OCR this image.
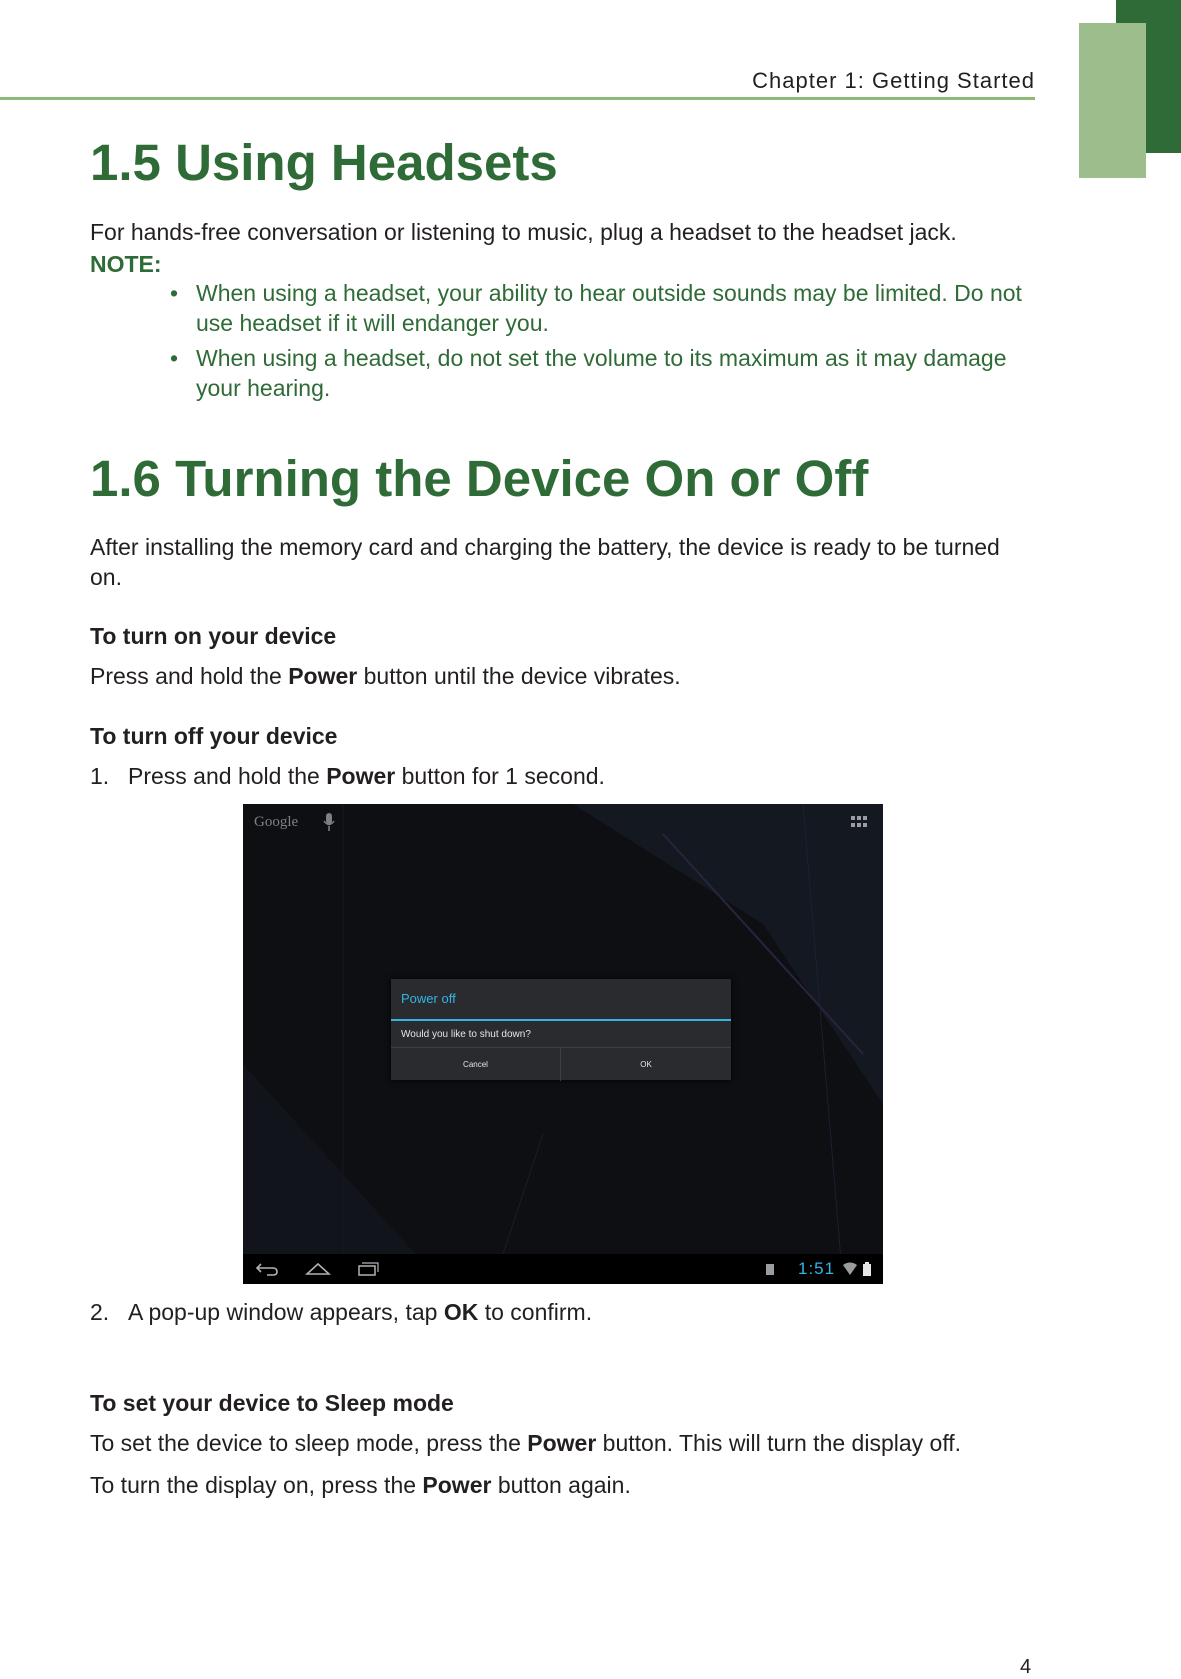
Chapter 1: Getting Started
1.5 Using Headsets

For hands-free conversation or listening to music, plug a headset to the headset jack.

NOTE:
• When using a headset, your ability to hear outside sounds may be limited. Do not use headset if it will endanger you.
• When using a headset, do not set the volume to its maximum as it may damage your hearing.
1.6 Turning the Device On or Off

After installing the memory card and charging the battery, the device is ready to be turned on.

To turn on your device

Press and hold the Power button until the device vibrates.

To turn off your device
1. Press and hold the Power button for 1 second.
Google
Power off
Would you like to shut down?
Cancel	OK
1:51
2. A pop-up window appears, tap OK to confirm.
To set your device to Sleep mode

To set the device to sleep mode, press the Power button. This will turn the display off.

To turn the display on, press the Power button again.

4
